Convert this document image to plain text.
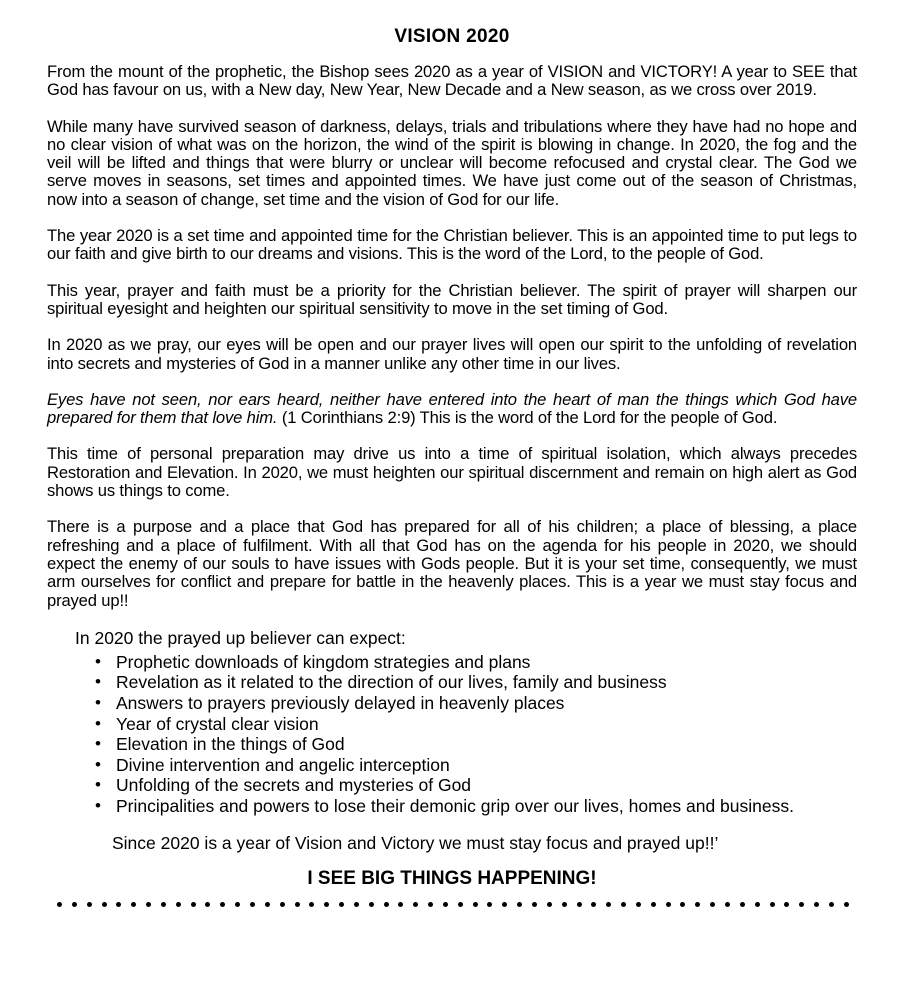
VISION 2020

From the mount of the prophetic, the Bishop sees 2020 as a year of VISION and VICTORY! A year to SEE that God has favour on us, with a New day, New Year, New Decade and a New season, as we cross over 2019.

While many have survived season of darkness, delays, trials and tribulations where they have had no hope and no clear vision of what was on the horizon, the wind of the spirit is blowing in change. In 2020, the fog and the veil will be lifted and things that were blurry or unclear will become refocused and crystal clear. The God we serve moves in seasons, set times and appointed times. We have just come out of the season of Christmas, now into a season of change, set time and the vision of God for our life.

The year 2020 is a set time and appointed time for the Christian believer. This is an appointed time to put legs to our faith and give birth to our dreams and visions. This is the word of the Lord, to the people of God.

This year, prayer and faith must be a priority for the Christian believer. The spirit of prayer will sharpen our spiritual eyesight and heighten our spiritual sensitivity to move in the set timing of God.

In 2020 as we pray, our eyes will be open and our prayer lives will open our spirit to the unfolding of revelation into secrets and mysteries of God in a manner unlike any other time in our lives.

Eyes have not seen, nor ears heard, neither have entered into the heart of man the things which God have prepared for them that love him. (1 Corinthians 2:9) This is the word of the Lord for the people of God.

This time of personal preparation may drive us into a time of spiritual isolation, which always precedes Restoration and Elevation. In 2020, we must heighten our spiritual discernment and remain on high alert as God shows us things to come.

There is a purpose and a place that God has prepared for all of his children; a place of blessing, a place refreshing and a place of fulfilment. With all that God has on the agenda for his people in 2020, we should expect the enemy of our souls to have issues with Gods people. But it is your set time, consequently, we must arm ourselves for conflict and prepare for battle in the heavenly places. This is a year we must stay focus and prayed up!!

In 2020 the prayed up believer can expect:
• Prophetic downloads of kingdom strategies and plans
• Revelation as it related to the direction of our lives, family and business
• Answers to prayers previously delayed in heavenly places
• Year of crystal clear vision
• Elevation in the things of God
• Divine intervention and angelic interception
• Unfolding of the secrets and mysteries of God
• Principalities and powers to lose their demonic grip over our lives, homes and business.
Since 2020 is a year of Vision and Victory we must stay focus and prayed up!!’
I SEE BIG THINGS HAPPENING!
